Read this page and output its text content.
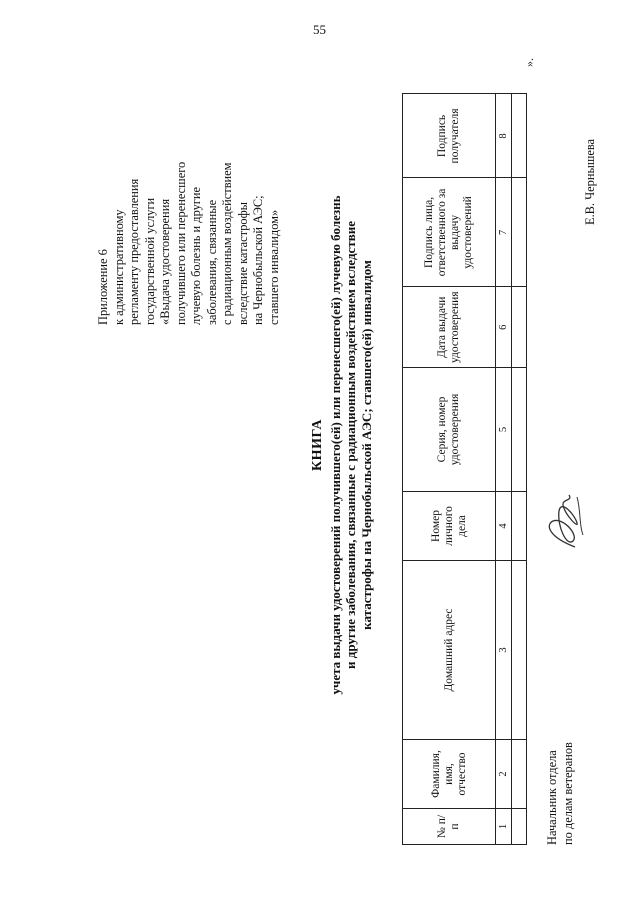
55
Приложение 6 к административному регламенту предоставления государственной услуги «Выдача удостоверения получившего или перенесшего лучевую болезнь и другие заболевания, связанные с радиационным воздействием вследствие катастрофы на Чернобыльской АЭС; ставшего инвалидом»
КНИГА учета выдачи удостоверений получившего(ей) или перенесшего(ей) лучевую болезнь и другие заболевания, связанные с радиационным воздействием вследствие катастрофы на Чернобыльской АЭС; ставшего(ей) инвалидом
№ п/п	Фамилия, имя, отчество	Домашний адрес	Номер личного дела	Серия, номер удостоверения	Дата выдачи удостоверения	Подпись лица, ответственного за выдачу удостоверений	Подпись получателя
1	2	3	4	5	6	7	8

».
Начальник отдела по делам ветеранов
Е.В. Чернышева
